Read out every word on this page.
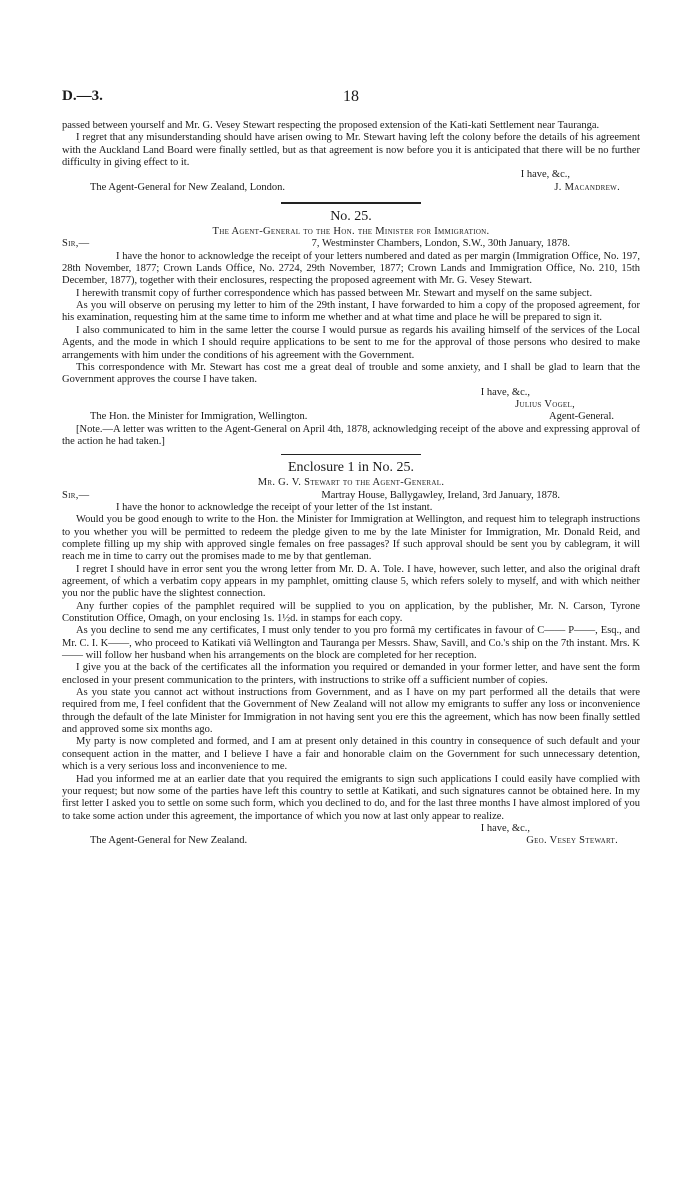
D.—3.	18

passed between yourself and Mr. G. Vesey Stewart respecting the proposed extension of the Kati-kati Settlement near Tauranga.

I regret that any misunderstanding should have arisen owing to Mr. Stewart having left the colony before the details of his agreement with the Auckland Land Board were finally settled, but as that agreement is now before you it is anticipated that there will be no further difficulty in giving effect to it.

I have, &c.,
The Agent-General for New Zealand, London.	J. Macandrew.
No. 25.
The Agent-General to the Hon. the Minister for Immigration.
Sir,—	7, Westminster Chambers, London, S.W., 30th January, 1878.

I have the honor to acknowledge the receipt of your letters numbered and dated as per margin (Immigration Office, No. 197, 28th November, 1877; Crown Lands Office, No. 2724, 29th November, 1877; Crown Lands and Immigration Office, No. 210, 15th December, 1877), together with their enclosures, respecting the proposed agreement with Mr. G. Vesey Stewart.

I herewith transmit copy of further correspondence which has passed between Mr. Stewart and myself on the same subject.

As you will observe on perusing my letter to him of the 29th instant, I have forwarded to him a copy of the proposed agreement, for his examination, requesting him at the same time to inform me whether and at what time and place he will be prepared to sign it.

I also communicated to him in the same letter the course I would pursue as regards his availing himself of the services of the Local Agents, and the mode in which I should require applications to be sent to me for the approval of those persons who desired to make arrangements with him under the conditions of his agreement with the Government.

This correspondence with Mr. Stewart has cost me a great deal of trouble and some anxiety, and I shall be glad to learn that the Government approves the course I have taken.

I have, &c.,
Julius Vogel,
The Hon. the Minister for Immigration, Wellington.	Agent-General.

[Note.—A letter was written to the Agent-General on April 4th, 1878, acknowledging receipt of the above and expressing approval of the action he had taken.]

Enclosure 1 in No. 25.
Mr. G. V. Stewart to the Agent-General.
Sir,—	Martray House, Ballygawley, Ireland, 3rd January, 1878.

I have the honor to acknowledge the receipt of your letter of the 1st instant.

Would you be good enough to write to the Hon. the Minister for Immigration at Wellington, and request him to telegraph instructions to you whether you will be permitted to redeem the pledge given to me by the late Minister for Immigration, Mr. Donald Reid, and complete filling up my ship with approved single females on free passages? If such approval should be sent you by cablegram, it will reach me in time to carry out the promises made to me by that gentleman.

I regret I should have in error sent you the wrong letter from Mr. D. A. Tole. I have, however, such letter, and also the original draft agreement, of which a verbatim copy appears in my pamphlet, omitting clause 5, which refers solely to myself, and with which neither you nor the public have the slightest connection.

Any further copies of the pamphlet required will be supplied to you on application, by the publisher, Mr. N. Carson, Tyrone Constitution Office, Omagh, on your enclosing 1s. 1½d. in stamps for each copy.

As you decline to send me any certificates, I must only tender to you pro formâ my certificates in favour of C—— P——, Esq., and Mr. C. I. K——, who proceed to Katikati viâ Wellington and Tauranga per Messrs. Shaw, Savill, and Co.'s ship on the 7th instant. Mrs. K—— will follow her husband when his arrangements on the block are completed for her reception.

I give you at the back of the certificates all the information you required or demanded in your former letter, and have sent the form enclosed in your present communication to the printers, with instructions to strike off a sufficient number of copies.

As you state you cannot act without instructions from Government, and as I have on my part performed all the details that were required from me, I feel confident that the Government of New Zealand will not allow my emigrants to suffer any loss or inconvenience through the default of the late Minister for Immigration in not having sent you ere this the agreement, which has now been finally settled and approved some six months ago.

My party is now completed and formed, and I am at present only detained in this country in consequence of such default and your consequent action in the matter, and I believe I have a fair and honorable claim on the Government for such unnecessary detention, which is a very serious loss and inconvenience to me.

Had you informed me at an earlier date that you required the emigrants to sign such applications I could easily have complied with your request; but now some of the parties have left this country to settle at Katikati, and such signatures cannot be obtained here. In my first letter I asked you to settle on some such form, which you declined to do, and for the last three months I have almost implored of you to take some action under this agreement, the importance of which you now at last only appear to realize.

I have, &c.,
The Agent-General for New Zealand.	Geo. Vesey Stewart.
